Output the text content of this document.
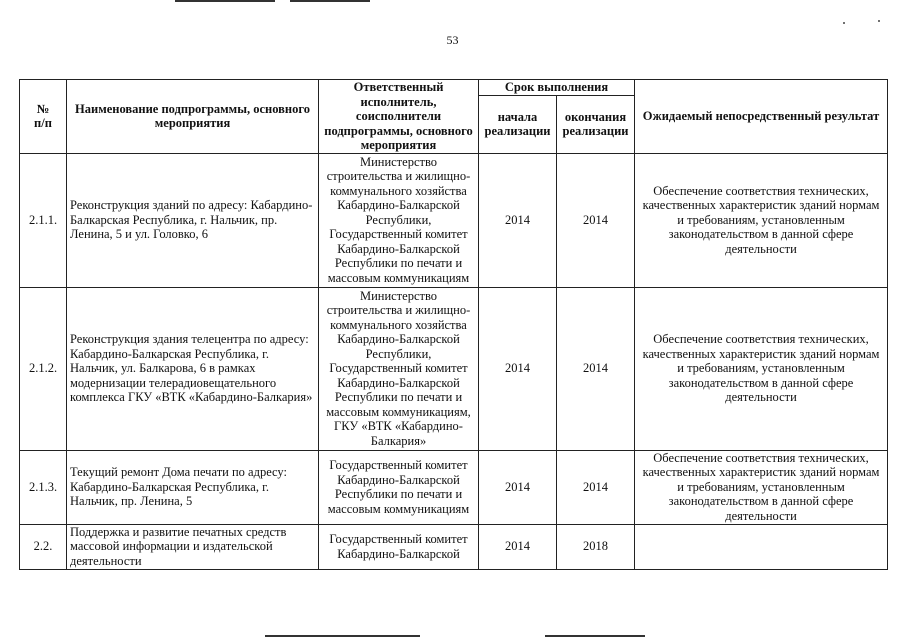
53
№
п/п	Наименование подпрограммы, основного мероприятия	Ответственный исполнитель, соисполнители подпрограммы, основного мероприятия	Срок выполнения		Ожидаемый непосредственный результат
			начала реализации	окончания реализации	
2.1.1.	Реконструкция зданий по адресу: Кабардино-Балкарская Республика, г. Нальчик, пр. Ленина, 5 и ул. Головко, 6	Министерство строительства и жилищно-коммунального хозяйства Кабардино-Балкарской Республики, Государственный комитет Кабардино-Балкарской Республики по печати и массовым коммуникациям	2014	2014	Обеспечение соответствия технических, качественных характеристик зданий нормам и требованиям, установленным законодательством в данной сфере деятельности
2.1.2.	Реконструкция здания телецентра по адресу: Кабардино-Балкарская Республика, г. Нальчик, ул. Балкарова, 6 в рамках модернизации телерадиовещательного комплекса ГКУ «ВТК «Кабардино-Балкария»	Министерство строительства и жилищно-коммунального хозяйства Кабардино-Балкарской Республики, Государственный комитет Кабардино-Балкарской Республики по печати и массовым коммуникациям, ГКУ «ВТК «Кабардино-Балкария»	2014	2014	Обеспечение соответствия технических, качественных характеристик зданий нормам и требованиям, установленным законодательством в данной сфере деятельности
2.1.3.	Текущий ремонт Дома печати по адресу: Кабардино-Балкарская Республика, г. Нальчик, пр. Ленина, 5	Государственный комитет Кабардино-Балкарской Республики по печати и массовым коммуникациям	2014	2014	Обеспечение соответствия технических, качественных характеристик зданий нормам и требованиям, установленным законодательством в данной сфере деятельности
2.2.	Поддержка и развитие печатных средств массовой информации и издательской деятельности	Государственный комитет Кабардино-Балкарской	2014	2018	
